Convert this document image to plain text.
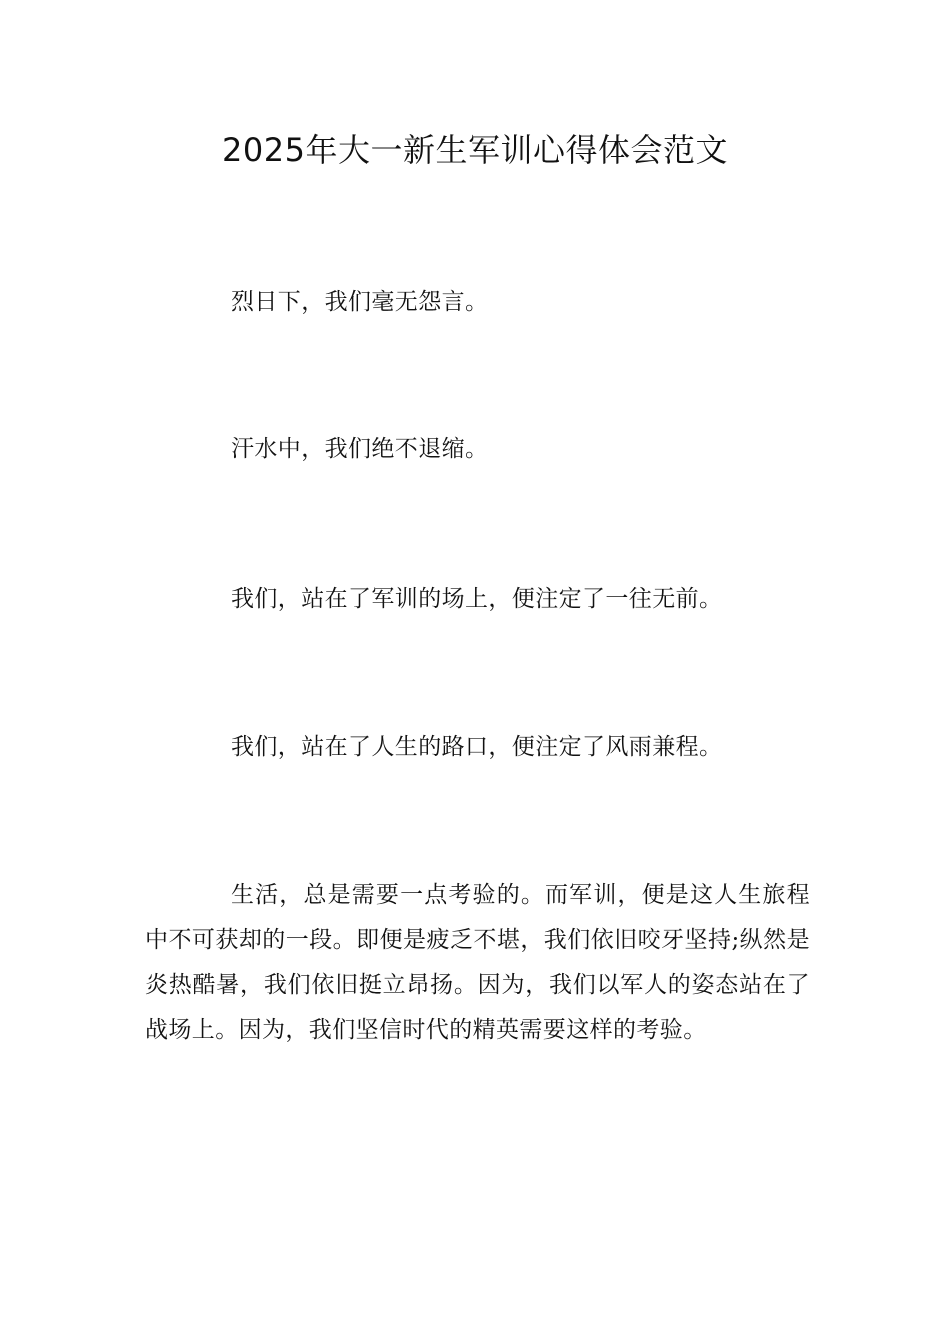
2025年大一新生军训心得体会范文

烈日下，我们毫无怨言。

汗水中，我们绝不退缩。

我们，站在了军训的场上，便注定了一往无前。

我们，站在了人生的路口，便注定了风雨兼程。

生活，总是需要一点考验的。而军训，便是这人生旅程中不可获却的一段。即便是疲乏不堪，我们依旧咬牙坚持;纵然是炎热酷暑，我们依旧挺立昂扬。因为，我们以军人的姿态站在了战场上。因为，我们坚信时代的精英需要这样的考验。
